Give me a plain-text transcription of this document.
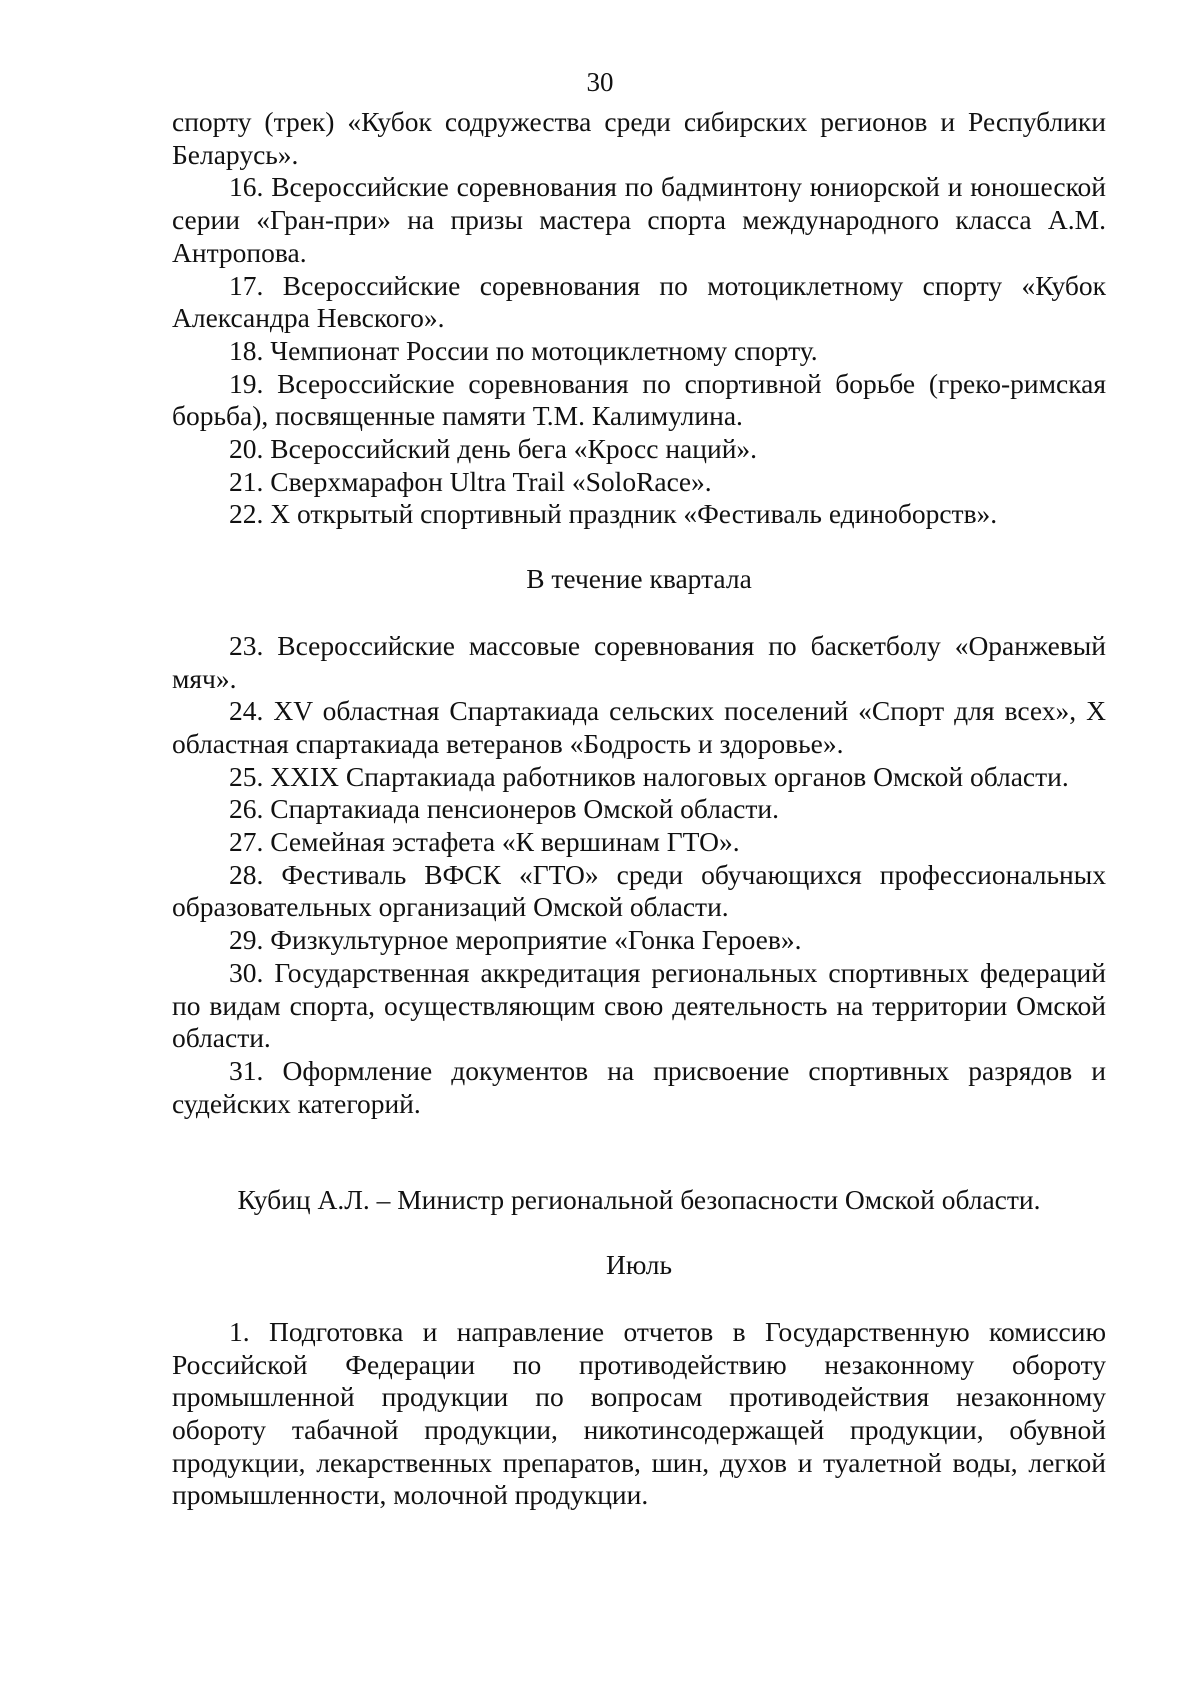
30

спорту (трек) «Кубок содружества среди сибирских регионов и Республики Беларусь».

16. Всероссийские соревнования по бадминтону юниорской и юношеской серии «Гран-при» на призы мастера спорта международного класса А.М. Антропова.

17. Всероссийские соревнования по мотоциклетному спорту «Кубок Александра Невского».

18. Чемпионат России по мотоциклетному спорту.

19. Всероссийские соревнования по спортивной борьбе (греко-римская борьба), посвященные памяти Т.М. Калимулина.

20. Всероссийский день бега «Кросс наций».

21. Сверхмарафон Ultra Trail «SoloRace».

22. Х открытый спортивный праздник «Фестиваль единоборств».

В течение квартала

23. Всероссийские массовые соревнования по баскетболу «Оранжевый мяч».

24. XV областная Спартакиада сельских поселений «Спорт для всех», Х областная спартакиада ветеранов «Бодрость и здоровье».

25. XXIX Спартакиада работников налоговых органов Омской области.

26. Спартакиада пенсионеров Омской области.

27. Семейная эстафета «К вершинам ГТО».

28. Фестиваль ВФСК «ГТО» среди обучающихся профессиональных образовательных организаций Омской области.

29. Физкультурное мероприятие «Гонка Героев».

30. Государственная аккредитация региональных спортивных федераций по видам спорта, осуществляющим свою деятельность на территории Омской области.

31. Оформление документов на присвоение спортивных разрядов и судейских категорий.

Кубиц А.Л. – Министр региональной безопасности Омской области.

Июль

1. Подготовка и направление отчетов в Государственную комиссию Российской Федерации по противодействию незаконному обороту промышленной продукции по вопросам противодействия незаконному обороту табачной продукции, никотинсодержащей продукции, обувной продукции, лекарственных препаратов, шин, духов и туалетной воды, легкой промышленности, молочной продукции.
